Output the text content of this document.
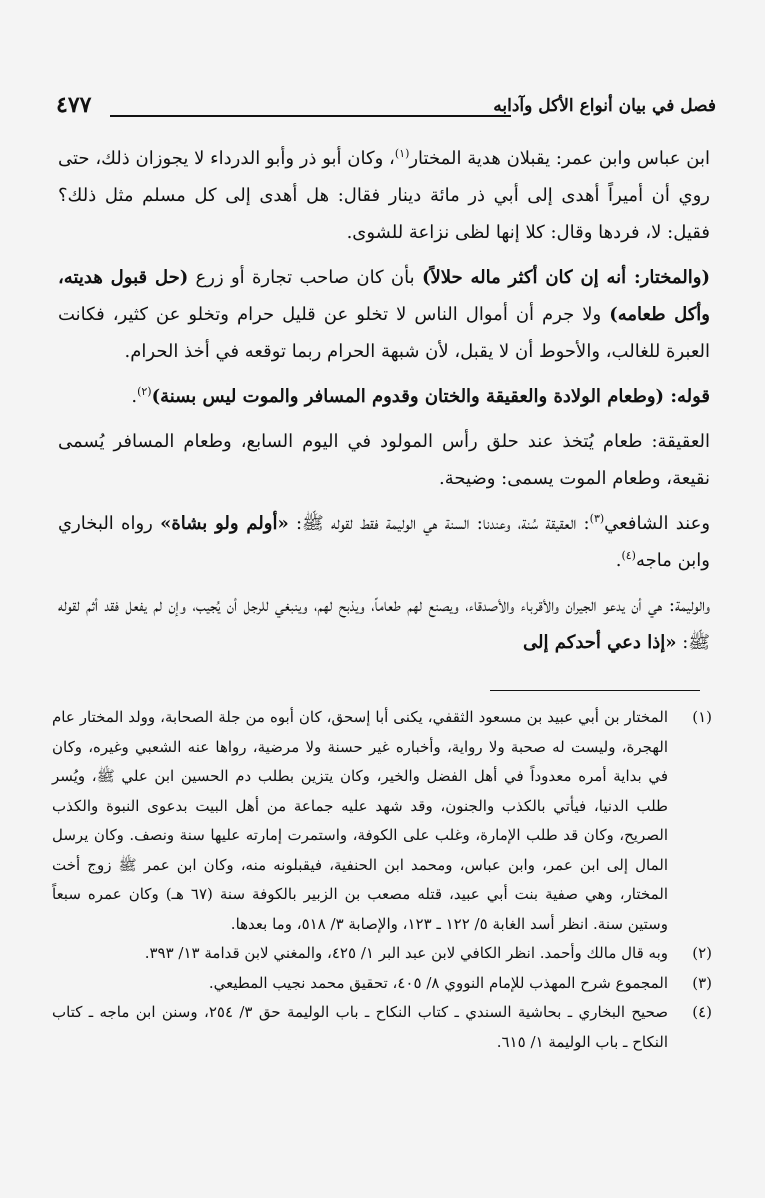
فصل في بيان أنواع الأكل وآدابه
٤٧٧

ابن عباس وابن عمر: يقبلان هدية المختار$^{(١)}$، وكان أبو ذر وأبو الدرداء لا يجوزان ذلك، حتى روي أن أميراً أهدى إلى أبي ذر مائة دينار فقال: هل أهدى إلى كل مسلم مثل ذلك؟ فقيل: لا، فردها وقال: كلا إنها لظى نزاعة للشوى.

(والمختار: أنه إن كان أكثر ماله حلالاً) بأن كان صاحب تجارة أو زرع (حل قبول هديته، وأكل طعامه) ولا جرم أن أموال الناس لا تخلو عن قليل حرام وتخلو عن كثير، فكانت العبرة للغالب، والأحوط أن لا يقبل، لأن شبهة الحرام ربما توقعه في أخذ الحرام.

قوله: (وطعام الولادة والعقيقة والختان وقدوم المسافر والموت ليس بسنة)$^{(٢)}$.

العقيقة: طعام يُتخذ عند حلق رأس المولود في اليوم السابع، وطعام المسافر يُسمى نقيعة، وطعام الموت يسمى: وضيحة.

وعند الشافعي$^{(٣)}$: العقيقة سُنة، وعندنا: السنة هي الوليمة فقط لقوله ﷺ: «أولم ولو بشاة» رواه البخاري وابن ماجه$^{(٤)}$.

والوليمة: هي أن يدعو الجيران والأقرباء والأصدقاء، ويصنع لهم طعاماً، ويذبح لهم، وينبغي للرجل أن يُجيب، وإن لم يفعل فقد أثم لقوله ﷺ: «إذا دعي أحدكم إلى

(١)
المختار بن أبي عبيد بن مسعود الثقفي، يكنى أبا إسحق، كان أبوه من جلة الصحابة، وولد المختار عام الهجرة، وليست له صحبة ولا رواية، وأخباره غير حسنة ولا مرضية، رواها عنه الشعبي وغيره، وكان في بداية أمره معدوداً في أهل الفضل والخير، وكان يتزين بطلب دم الحسين ابن علي ﷺ، ويُسر طلب الدنيا، فيأتي بالكذب والجنون، وقد شهد عليه جماعة من أهل البيت بدعوى النبوة والكذب الصريح، وكان قد طلب الإمارة، وغلب على الكوفة، واستمرت إمارته عليها سنة ونصف. وكان يرسل المال إلى ابن عمر، وابن عباس، ومحمد ابن الحنفية، فيقبلونه منه، وكان ابن عمر ﷺ زوج أخت المختار، وهي صفية بنت أبي عبيد، قتله مصعب بن الزبير بالكوفة سنة (٦٧ هـ) وكان عمره سبعاً وستين سنة. انظر أسد الغابة ٥/ ١٢٢ ـ ١٢٣، والإصابة ٣/ ٥١٨، وما بعدها.
(٢)
وبه قال مالك وأحمد. انظر الكافي لابن عبد البر ١/ ٤٢٥، والمغني لابن قدامة ١٣/ ٣٩٣.
(٣)
المجموع شرح المهذب للإمام النووي ٨/ ٤٠٥، تحقيق محمد نجيب المطيعي.
(٤)
صحيح البخاري ـ بحاشية السندي ـ كتاب النكاح ـ باب الوليمة حق ٣/ ٢٥٤، وسنن ابن ماجه ـ كتاب النكاح ـ باب الوليمة ١/ ٦١٥.
